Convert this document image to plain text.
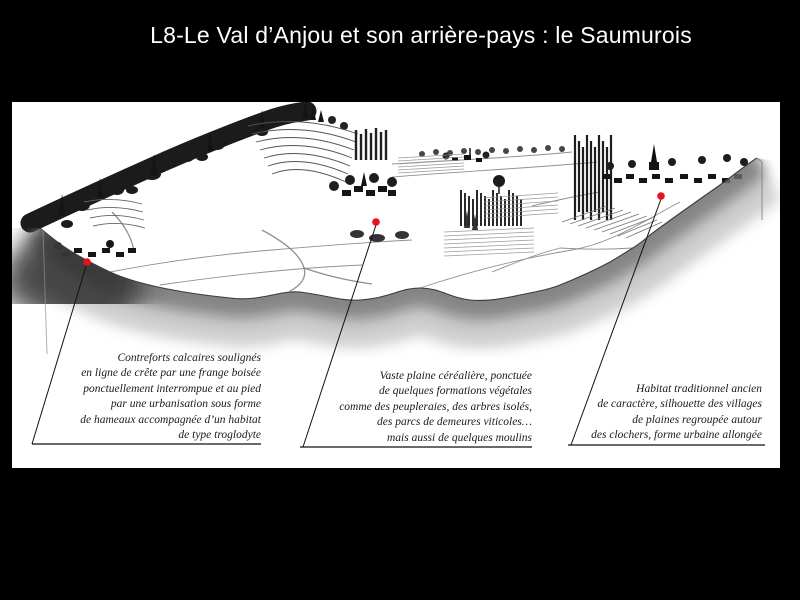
L8-Le Val d’Anjou et son arrière-pays : le Saumurois
Contreforts calcaires soulignés
en ligne de crête par une frange boisée
ponctuellement interrompue et au pied
par une urbanisation sous forme
de hameaux accompagnée d’un habitat
de type troglodyte
Vaste plaine céréalière, ponctuée
de quelques formations végétales
comme des peupleraies, des arbres isolés,
des parcs de demeures viticoles…
mais aussi de quelques moulins
Habitat traditionnel ancien
de caractère, silhouette des villages
de plaines regroupée autour
des clochers, forme urbaine allongée
